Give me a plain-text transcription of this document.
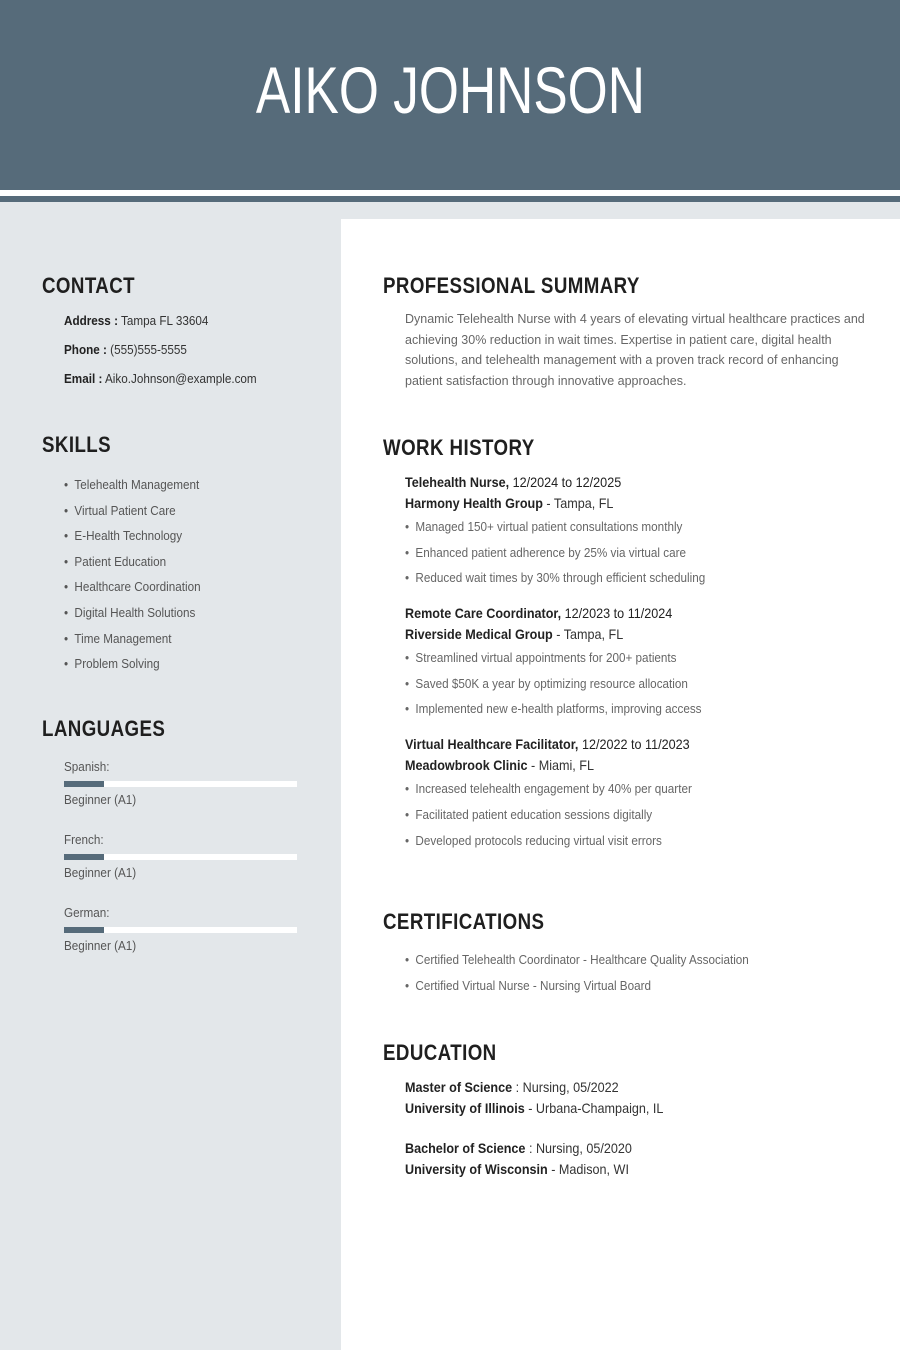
AIKO JOHNSON
CONTACT
Address : Tampa FL 33604
Phone : (555)555-5555
Email : Aiko.Johnson@example.com
SKILLS
• Telehealth Management
• Virtual Patient Care
• E-Health Technology
• Patient Education
• Healthcare Coordination
• Digital Health Solutions
• Time Management
• Problem Solving
LANGUAGES
Spanish:
Beginner (A1)
French:
Beginner (A1)
German:
Beginner (A1)
PROFESSIONAL SUMMARY

Dynamic Telehealth Nurse with 4 years of elevating virtual healthcare practices and achieving 30% reduction in wait times. Expertise in patient care, digital health solutions, and telehealth management with a proven track record of enhancing patient satisfaction through innovative approaches.

WORK HISTORY
Telehealth Nurse, 12/2024 to 12/2025
Harmony Health Group - Tampa, FL
• Managed 150+ virtual patient consultations monthly
• Enhanced patient adherence by 25% via virtual care
• Reduced wait times by 30% through efficient scheduling
Remote Care Coordinator, 12/2023 to 11/2024
Riverside Medical Group - Tampa, FL
• Streamlined virtual appointments for 200+ patients
• Saved $50K a year by optimizing resource allocation
• Implemented new e-health platforms, improving access
Virtual Healthcare Facilitator, 12/2022 to 11/2023
Meadowbrook Clinic - Miami, FL
• Increased telehealth engagement by 40% per quarter
• Facilitated patient education sessions digitally
• Developed protocols reducing virtual visit errors
CERTIFICATIONS
• Certified Telehealth Coordinator - Healthcare Quality Association
• Certified Virtual Nurse - Nursing Virtual Board
EDUCATION
Master of Science : Nursing, 05/2022
University of Illinois - Urbana-Champaign, IL
Bachelor of Science : Nursing, 05/2020
University of Wisconsin - Madison, WI
